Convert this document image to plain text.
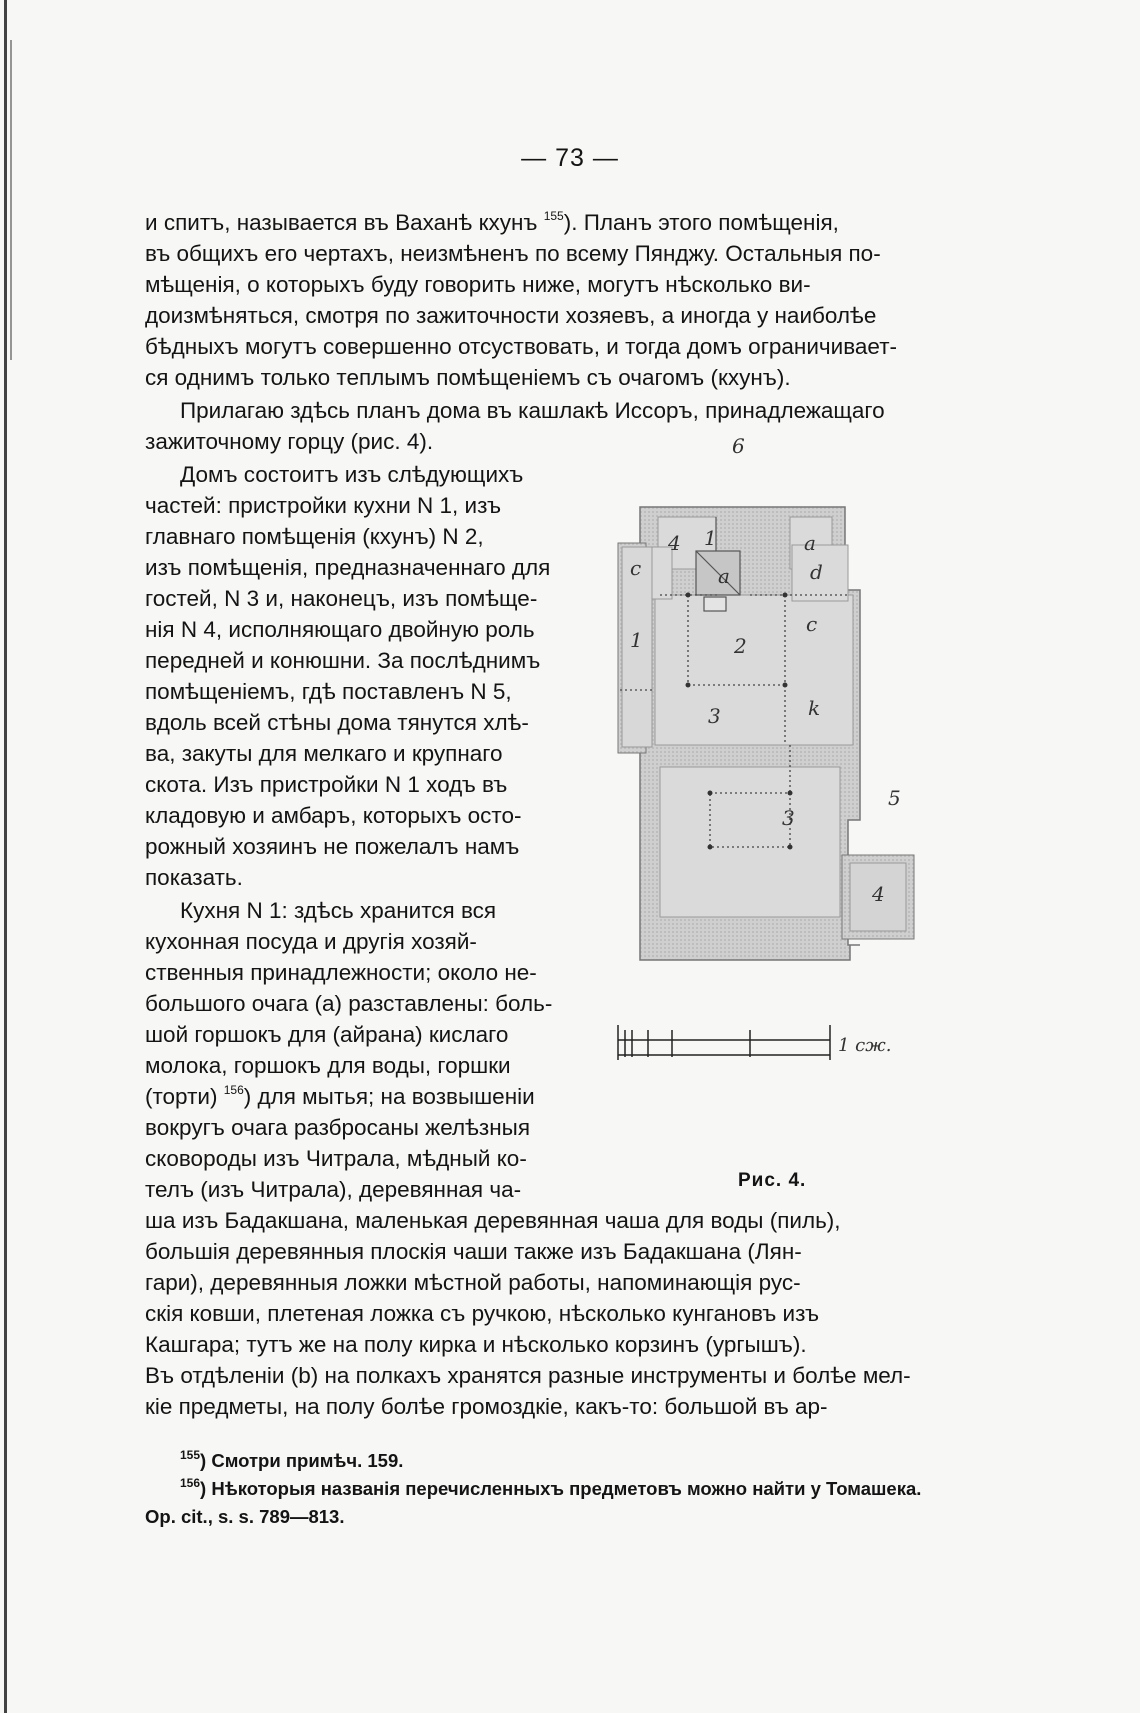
— 73 —
и спитъ, называется въ Ваханѣ кхунъ $^{155}$). Планъ этого помѣщенія,
въ общихъ его чертахъ, неизмѣненъ по всему Пянджу. Остальныя по-
мѣщенія, о которыхъ буду говорить ниже, могутъ нѣсколько ви-
доизмѣняться, смотря по зажиточности хозяевъ, а иногда у наиболѣе
бѣдныхъ могутъ совершенно отсуствовать, и тогда домъ ограничивает-
ся однимъ только теплымъ помѣщеніемъ съ очагомъ (кхунъ).
Прилагаю здѣсь планъ дома въ кашлакѣ Иссоръ, принадлежащаго
зажиточному горцу (рис. 4).
Домъ состоитъ изъ слѣдующихъ
частей: пристройки кухни N 1, изъ
главнаго помѣщенія (кхунъ) N 2,
изъ помѣщенія, предназначеннаго для
гостей, N 3 и, наконецъ, изъ помѣще-
нія N 4, исполняющаго двойную роль
передней и конюшни. За послѣднимъ
помѣщеніемъ, гдѣ поставленъ N 5,
вдоль всей стѣны дома тянутся хлѣ-
ва, закуты для мелкаго и крупнаго
скота. Изъ пристройки N 1 ходъ въ
кладовую и амбаръ, которыхъ осто-
рожный хозяинъ не пожелалъ намъ
показать.
Кухня N 1: здѣсь хранится вся
кухонная посуда и другія хозяй-
ственныя принадлежности; около не-
большого очага (а) разставлены: боль-
шой горшокъ для (айрана) кислаго
молока, горшокъ для воды, горшки
(торти) $^{156}$) для мытья; на возвышеніи
вокругъ очага разбросаны желѣзныя
сковороды изъ Читрала, мѣдный ко-
телъ (изъ Читрала), деревянная ча-
ша изъ Бадакшана, маленькая деревянная чаша для воды (пиль),
большія деревянныя плоскія чаши также изъ Бадакшана (Лян-
гари), деревянныя ложки мѣстной работы, напоминающія рус-
скія ковши, плетеная ложка съ ручкою, нѣсколько кунгановъ изъ
Кашгара; тутъ же на полу кирка и нѣсколько корзинъ (ургышъ).
Въ отдѣленіи (b) на полкахъ хранятся разные инструменты и болѣе мел-
кіе предметы, на полу болѣе громоздкіе, какъ-то: большой въ ар-
$^{155}$) Смотри примѣч. 159.
$^{156}$) Нѣкоторыя названія перечисленныхъ предметовъ можно найти у Томашека.
Op. cit., s. s. 789—813.
4 1	a
c	a	d
1	2
c
3	k
3
5
4
6
1 сж.
Рис. 4.
